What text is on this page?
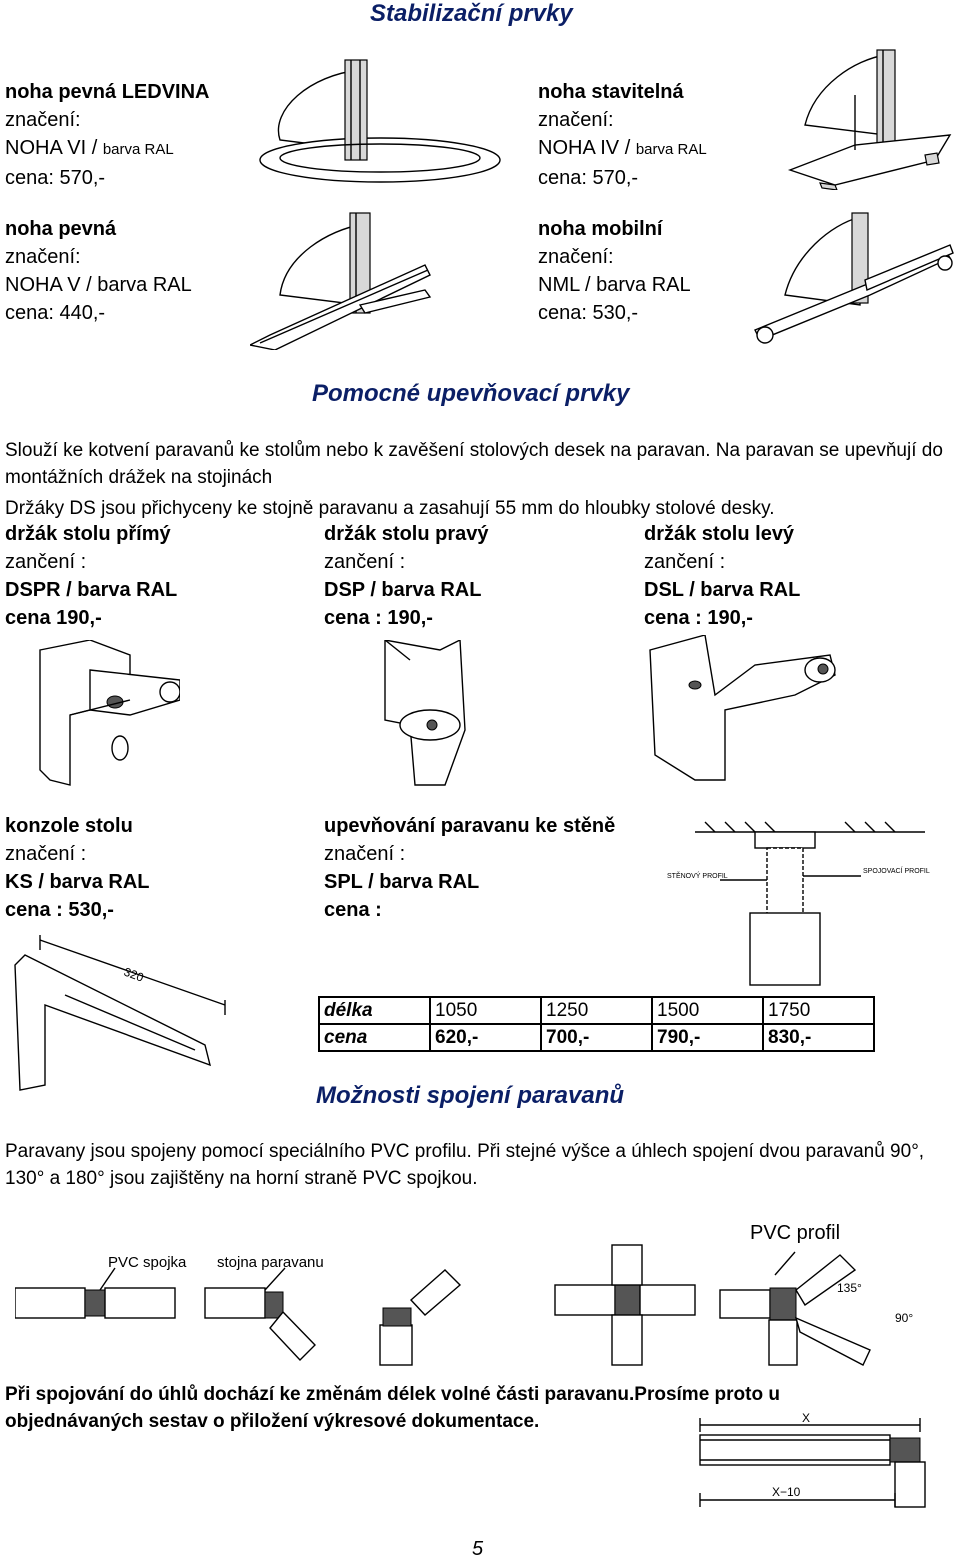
Stabilizační prvky
noha pevná LEDVINA
značení:
NOHA VI / barva RAL
cena: 570,-
noha stavitelná
značení:
NOHA IV / barva RAL
cena: 570,-
noha pevná
značení:
NOHA V / barva RAL
cena: 440,-
noha mobilní
značení:
NML / barva RAL
cena: 530,-
Pomocné upevňovací prvky
Slouží ke kotvení paravanů ke stolům nebo k zavěšení stolových desek na paravan. Na paravan se upevňují do montážních drážek na stojinách
Držáky DS jsou přichyceny ke stojně paravanu a zasahují 55 mm do hloubky stolové desky.
držák stolu přímý
zančení :
DSPR / barva RAL
cena 190,-
držák stolu pravý
zančení :
DSP / barva RAL
cena : 190,-
držák stolu levý
zančení :
DSL / barva RAL
cena : 190,-
konzole stolu
značení :
KS / barva RAL
cena : 530,-
upevňování paravanu ke stěně
značení :
SPL / barva RAL
cena :
320
STĚNOVÝ PROFIL
SPOJOVACÍ PROFIL
délka	1050	1250	1500	1750
cena	620,-	700,-	790,-	830,-
Možnosti spojení paravanů
Paravany jsou spojeny pomocí speciálního PVC profilu. Při stejné výšce a úhlech spojení dvou paravanů 90°, 130° a 180° jsou zajištěny na horní straně PVC spojkou.
PVC spojka stojna paravanu
PVC profil
135°
90°
Při spojování do úhlů dochází ke změnám délek volné části paravanu.Prosíme proto u objednávaných sestav o přiložení výkresové dokumentace.	X
X−10
5
